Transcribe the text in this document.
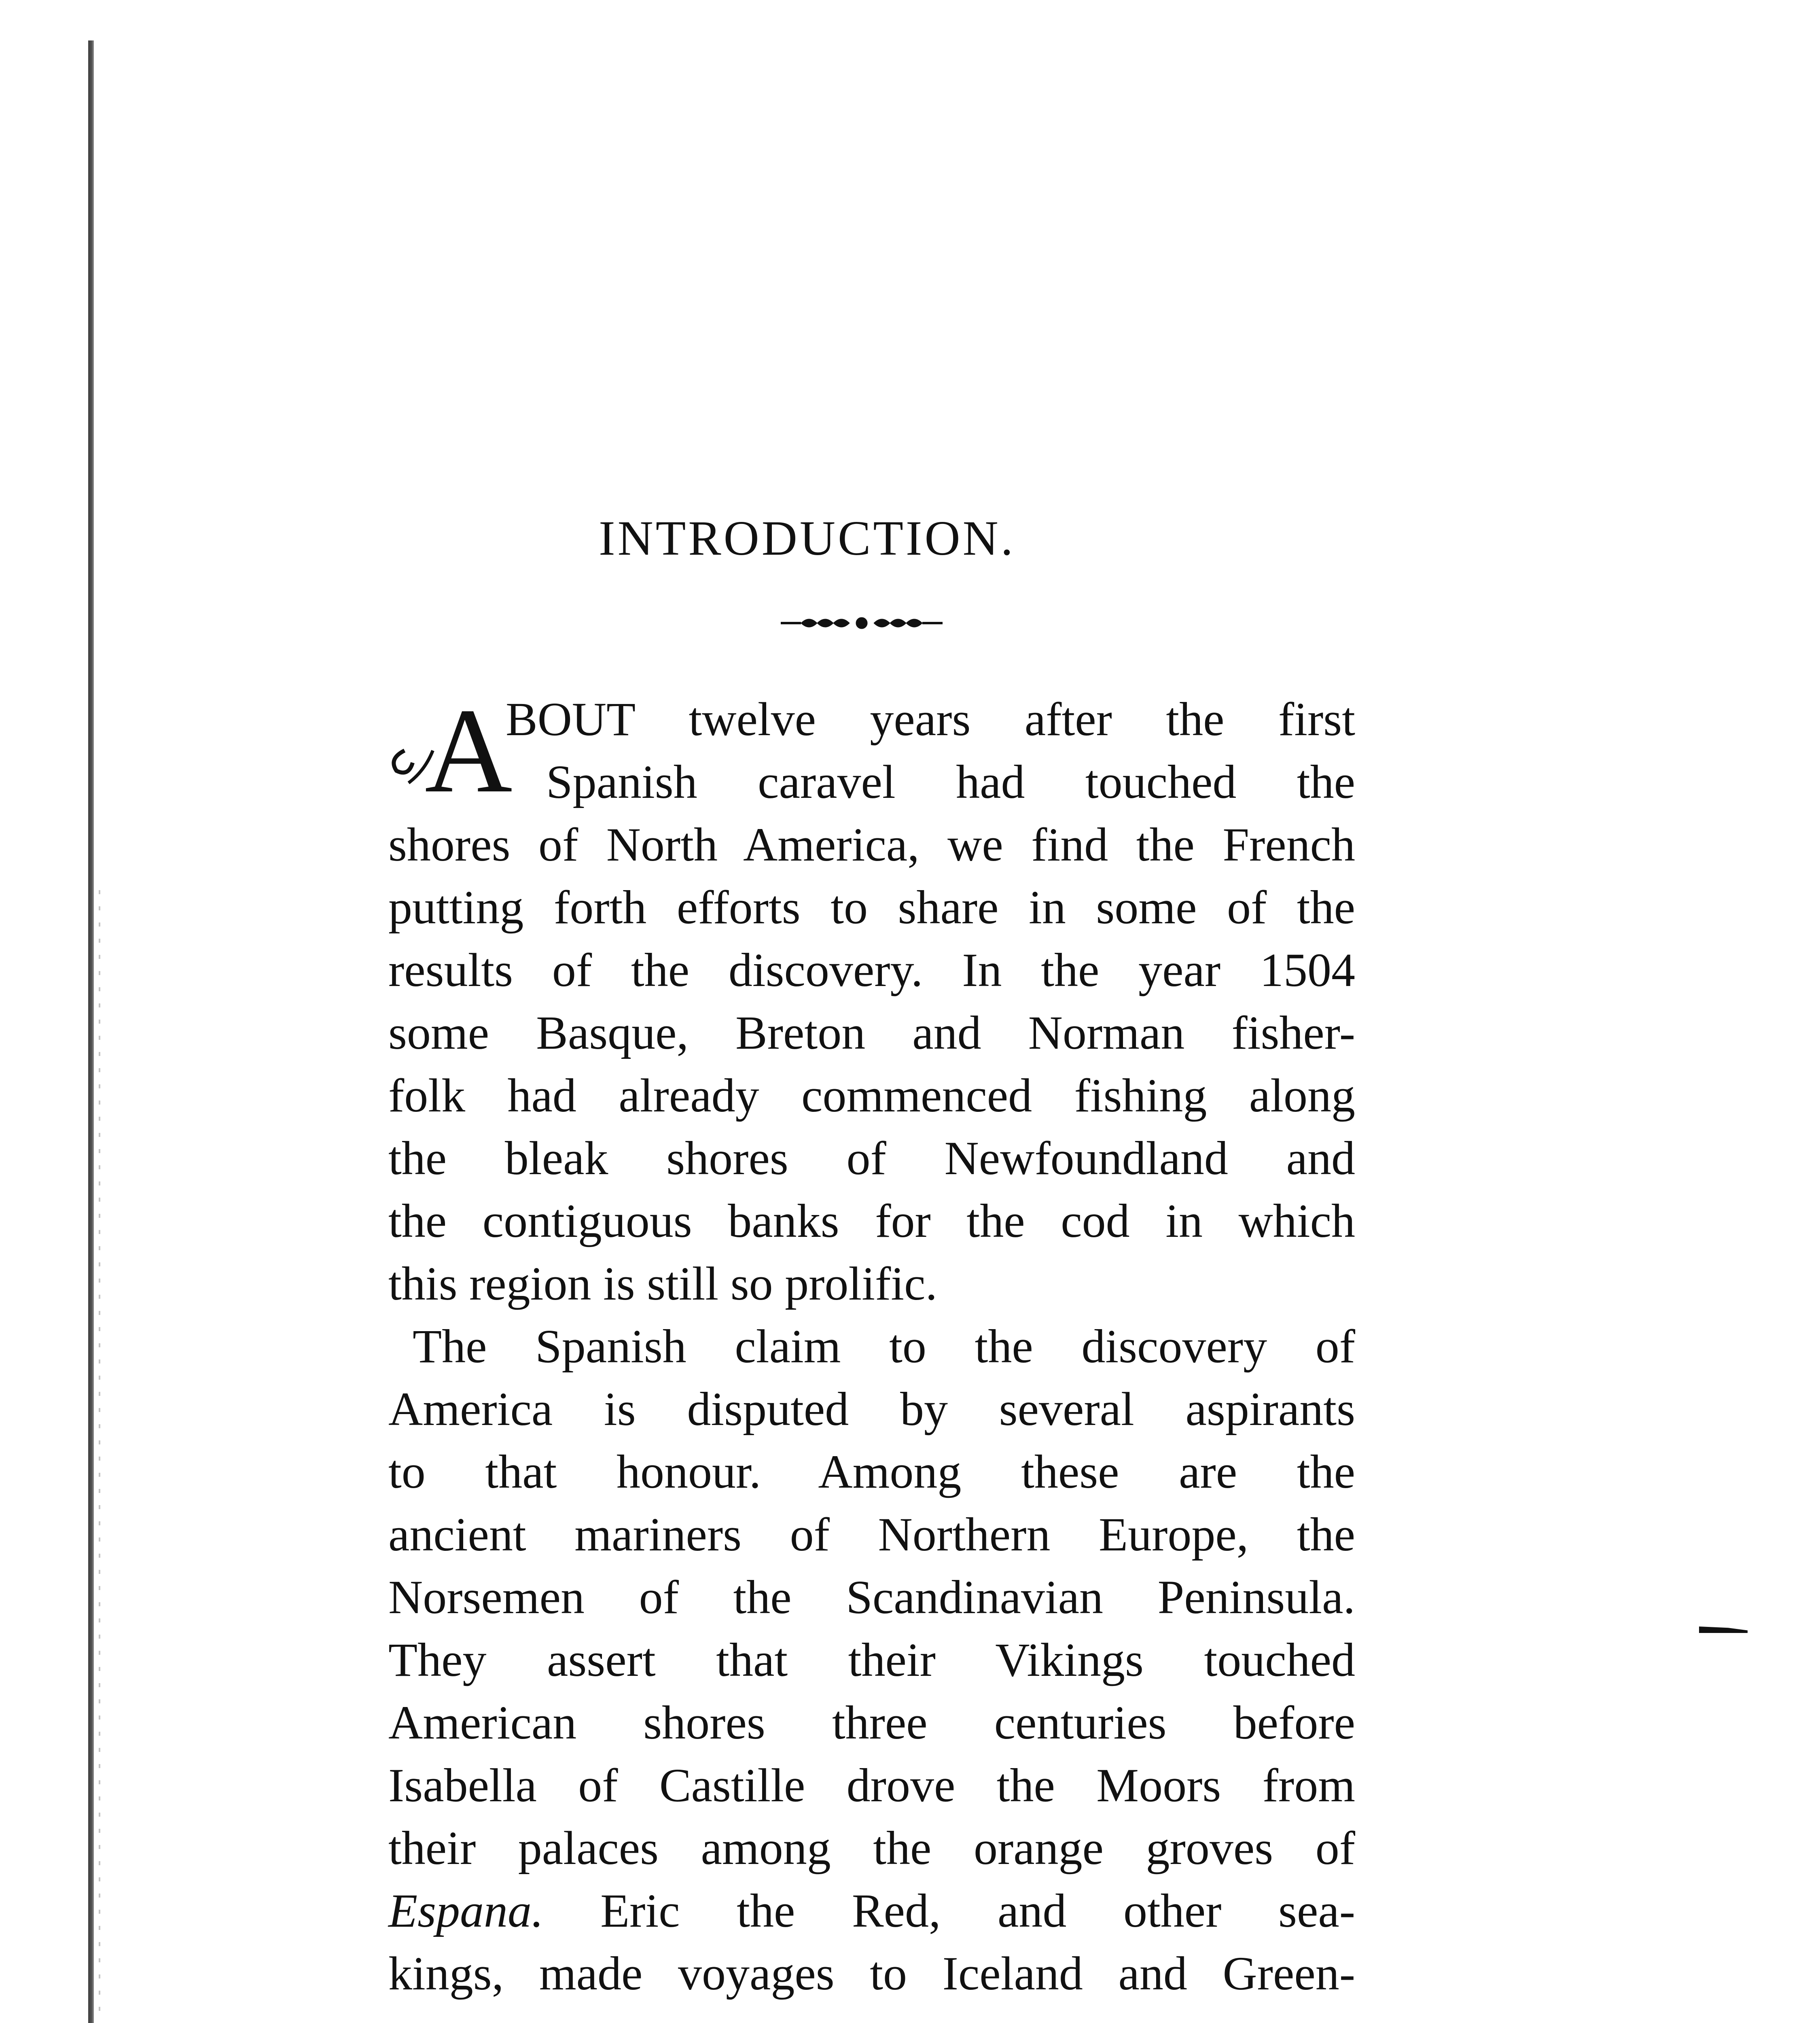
INTRODUCTION.
A
BOUT twelve years after the first
Spanish caravel had touched the
shores of North America, we find the French
putting forth efforts to share in some of the
results of the discovery. In the year 1504
some Basque, Breton and Norman fisher-
folk had already commenced fishing along
the bleak shores of Newfoundland and
the contiguous banks for the cod in which
this region is still so prolific.
The Spanish claim to the discovery of
America is disputed by several aspirants
to that honour. Among these are the
ancient mariners of Northern Europe, the
Norsemen of the Scandinavian Peninsula.
They assert that their Vikings touched
American shores three centuries before
Isabella of Castille drove the Moors from
their palaces among the orange groves of
Espana. Eric the Red, and other sea-
kings, made voyages to Iceland and Green-
